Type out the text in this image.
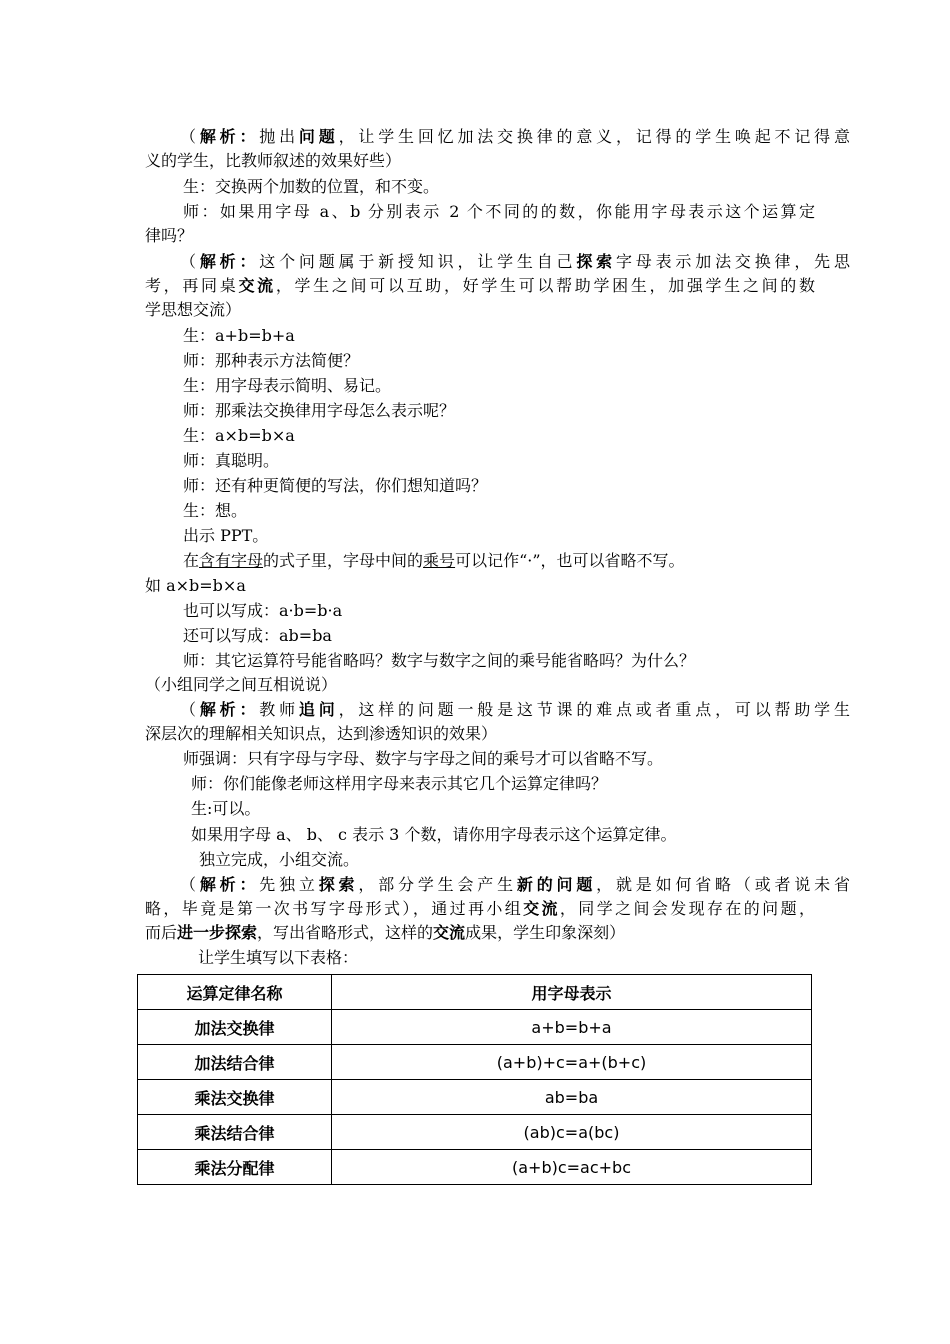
（解析：抛出问题，让学生回忆加法交换律的意义，记得的学生唤起不记得意
义的学生，比教师叙述的效果好些）
生：交换两个加数的位置，和不变。
师：如果用字母 a、b 分别表示 2 个不同的的数，你能用字母表示这个运算定
律吗？
（解析：这个问题属于新授知识，让学生自己探索字母表示加法交换律，先思
考，再同桌交流，学生之间可以互助，好学生可以帮助学困生，加强学生之间的数
学思想交流）
生：a+b=b+a
师：那种表示方法简便？
生：用字母表示简明、易记。
师：那乘法交换律用字母怎么表示呢？
生：a×b=b×a
师：真聪明。
师：还有种更简便的写法，你们想知道吗？
生：想。
出示 PPT。
在含有字母的式子里，字母中间的乘号可以记作“·”，也可以省略不写。
如 a×b=b×a
也可以写成：a·b=b·a
还可以写成：ab=ba
师：其它运算符号能省略吗？数字与数字之间的乘号能省略吗？为什么？
（小组同学之间互相说说）
（解析：教师追问，这样的问题一般是这节课的难点或者重点，可以帮助学生
深层次的理解相关知识点，达到渗透知识的效果）
师强调：只有字母与字母、数字与字母之间的乘号才可以省略不写。
师：你们能像老师这样用字母来表示其它几个运算定律吗？
生:可以。
如果用字母 a、 b、 c 表示 3 个数，请你用字母表示这个运算定律。
独立完成，小组交流。
（解析：先独立探索，部分学生会产生新的问题，就是如何省略（或者说未省
略，毕竟是第一次书写字母形式），通过再小组交流，同学之间会发现存在的问题，
而后进一步探索，写出省略形式，这样的交流成果，学生印象深刻）
让学生填写以下表格：
运算定律名称	用字母表示
加法交换律	a+b=b+a
加法结合律	(a+b)+c=a+(b+c)
乘法交换律	ab=ba
乘法结合律	(ab)c=a(bc)
乘法分配律	(a+b)c=ac+bc
